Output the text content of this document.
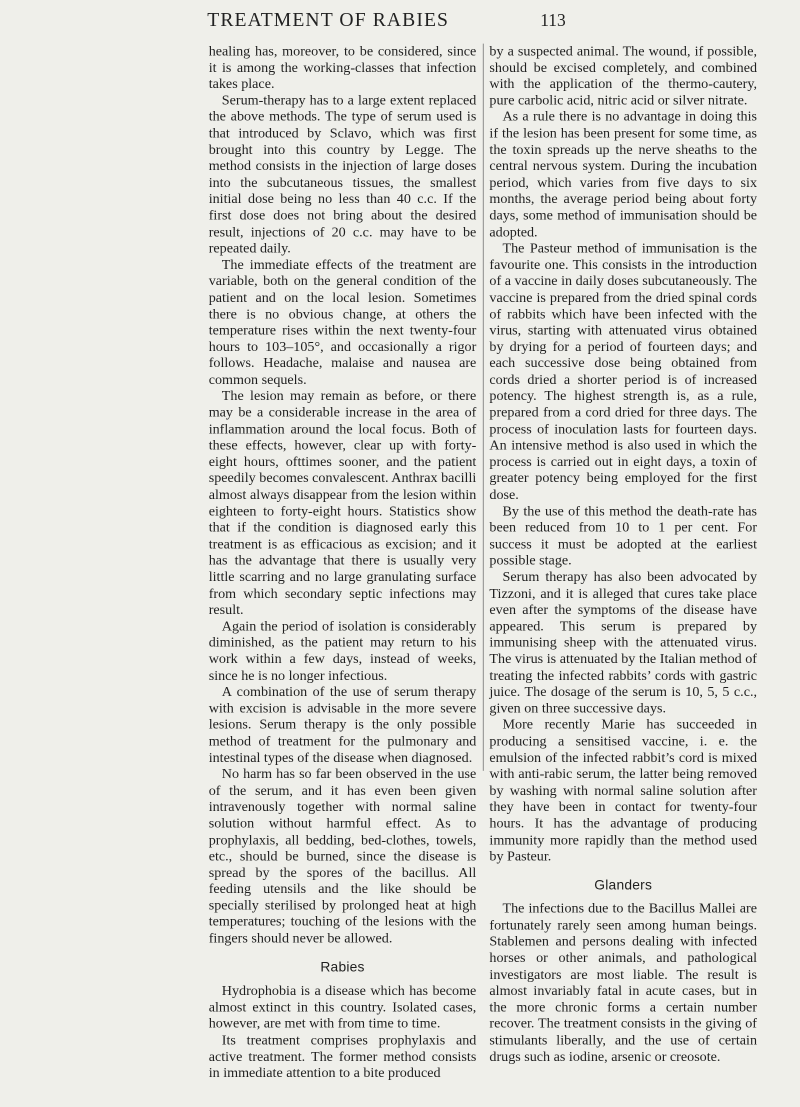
TREATMENT OF RABIES	113

healing has, moreover, to be considered, since it is among the working-classes that infection takes place.

Serum-therapy has to a large extent replaced the above methods. The type of serum used is that introduced by Sclavo, which was first brought into this country by Legge. The method consists in the injection of large doses into the subcutaneous tissues, the smallest initial dose being no less than 40 c.c. If the first dose does not bring about the desired result, injections of 20 c.c. may have to be repeated daily.

The immediate effects of the treatment are variable, both on the general condition of the patient and on the local lesion. Sometimes there is no obvious change, at others the temperature rises within the next twenty-four hours to 103–105°, and occasionally a rigor follows. Headache, malaise and nausea are common sequels.

The lesion may remain as before, or there may be a considerable increase in the area of inflammation around the local focus. Both of these effects, however, clear up with forty-eight hours, ofttimes sooner, and the patient speedily becomes convalescent. Anthrax bacilli almost always disappear from the lesion within eighteen to forty-eight hours. Statistics show that if the condition is diagnosed early this treatment is as efficacious as excision; and it has the advantage that there is usually very little scarring and no large granulating surface from which secondary septic infections may result.

Again the period of isolation is considerably diminished, as the patient may return to his work within a few days, instead of weeks, since he is no longer infectious.

A combination of the use of serum therapy with excision is advisable in the more severe lesions. Serum therapy is the only possible method of treatment for the pulmonary and intestinal types of the disease when diagnosed.

No harm has so far been observed in the use of the serum, and it has even been given intravenously together with normal saline solution without harmful effect. As to prophylaxis, all bedding, bed-clothes, towels, etc., should be burned, since the disease is spread by the spores of the bacillus. All feeding utensils and the like should be specially sterilised by prolonged heat at high temperatures; touching of the lesions with the fingers should never be allowed.

Rabies

Hydrophobia is a disease which has become almost extinct in this country. Isolated cases, however, are met with from time to time.

Its treatment comprises prophylaxis and active treatment. The former method consists in immediate attention to a bite produced

by a suspected animal. The wound, if possible, should be excised completely, and combined with the application of the thermo-cautery, pure carbolic acid, nitric acid or silver nitrate.

As a rule there is no advantage in doing this if the lesion has been present for some time, as the toxin spreads up the nerve sheaths to the central nervous system. During the incubation period, which varies from five days to six months, the average period being about forty days, some method of immunisation should be adopted.

The Pasteur method of immunisation is the favourite one. This consists in the introduction of a vaccine in daily doses subcutaneously. The vaccine is prepared from the dried spinal cords of rabbits which have been infected with the virus, starting with attenuated virus obtained by drying for a period of fourteen days; and each successive dose being obtained from cords dried a shorter period is of increased potency. The highest strength is, as a rule, prepared from a cord dried for three days. The process of inoculation lasts for fourteen days. An intensive method is also used in which the process is carried out in eight days, a toxin of greater potency being employed for the first dose.

By the use of this method the death-rate has been reduced from 10 to 1 per cent. For success it must be adopted at the earliest possible stage.

Serum therapy has also been advocated by Tizzoni, and it is alleged that cures take place even after the symptoms of the disease have appeared. This serum is prepared by immunising sheep with the attenuated virus. The virus is attenuated by the Italian method of treating the infected rabbits’ cords with gastric juice. The dosage of the serum is 10, 5, 5 c.c., given on three successive days.

More recently Marie has succeeded in producing a sensitised vaccine, i. e. the emulsion of the infected rabbit’s cord is mixed with anti-rabic serum, the latter being removed by washing with normal saline solution after they have been in contact for twenty-four hours. It has the advantage of producing immunity more rapidly than the method used by Pasteur.

Glanders

The infections due to the Bacillus Mallei are fortunately rarely seen among human beings. Stablemen and persons dealing with infected horses or other animals, and pathological investigators are most liable. The result is almost invariably fatal in acute cases, but in the more chronic forms a certain number recover. The treatment consists in the giving of stimulants liberally, and the use of certain drugs such as iodine, arsenic or creosote.
